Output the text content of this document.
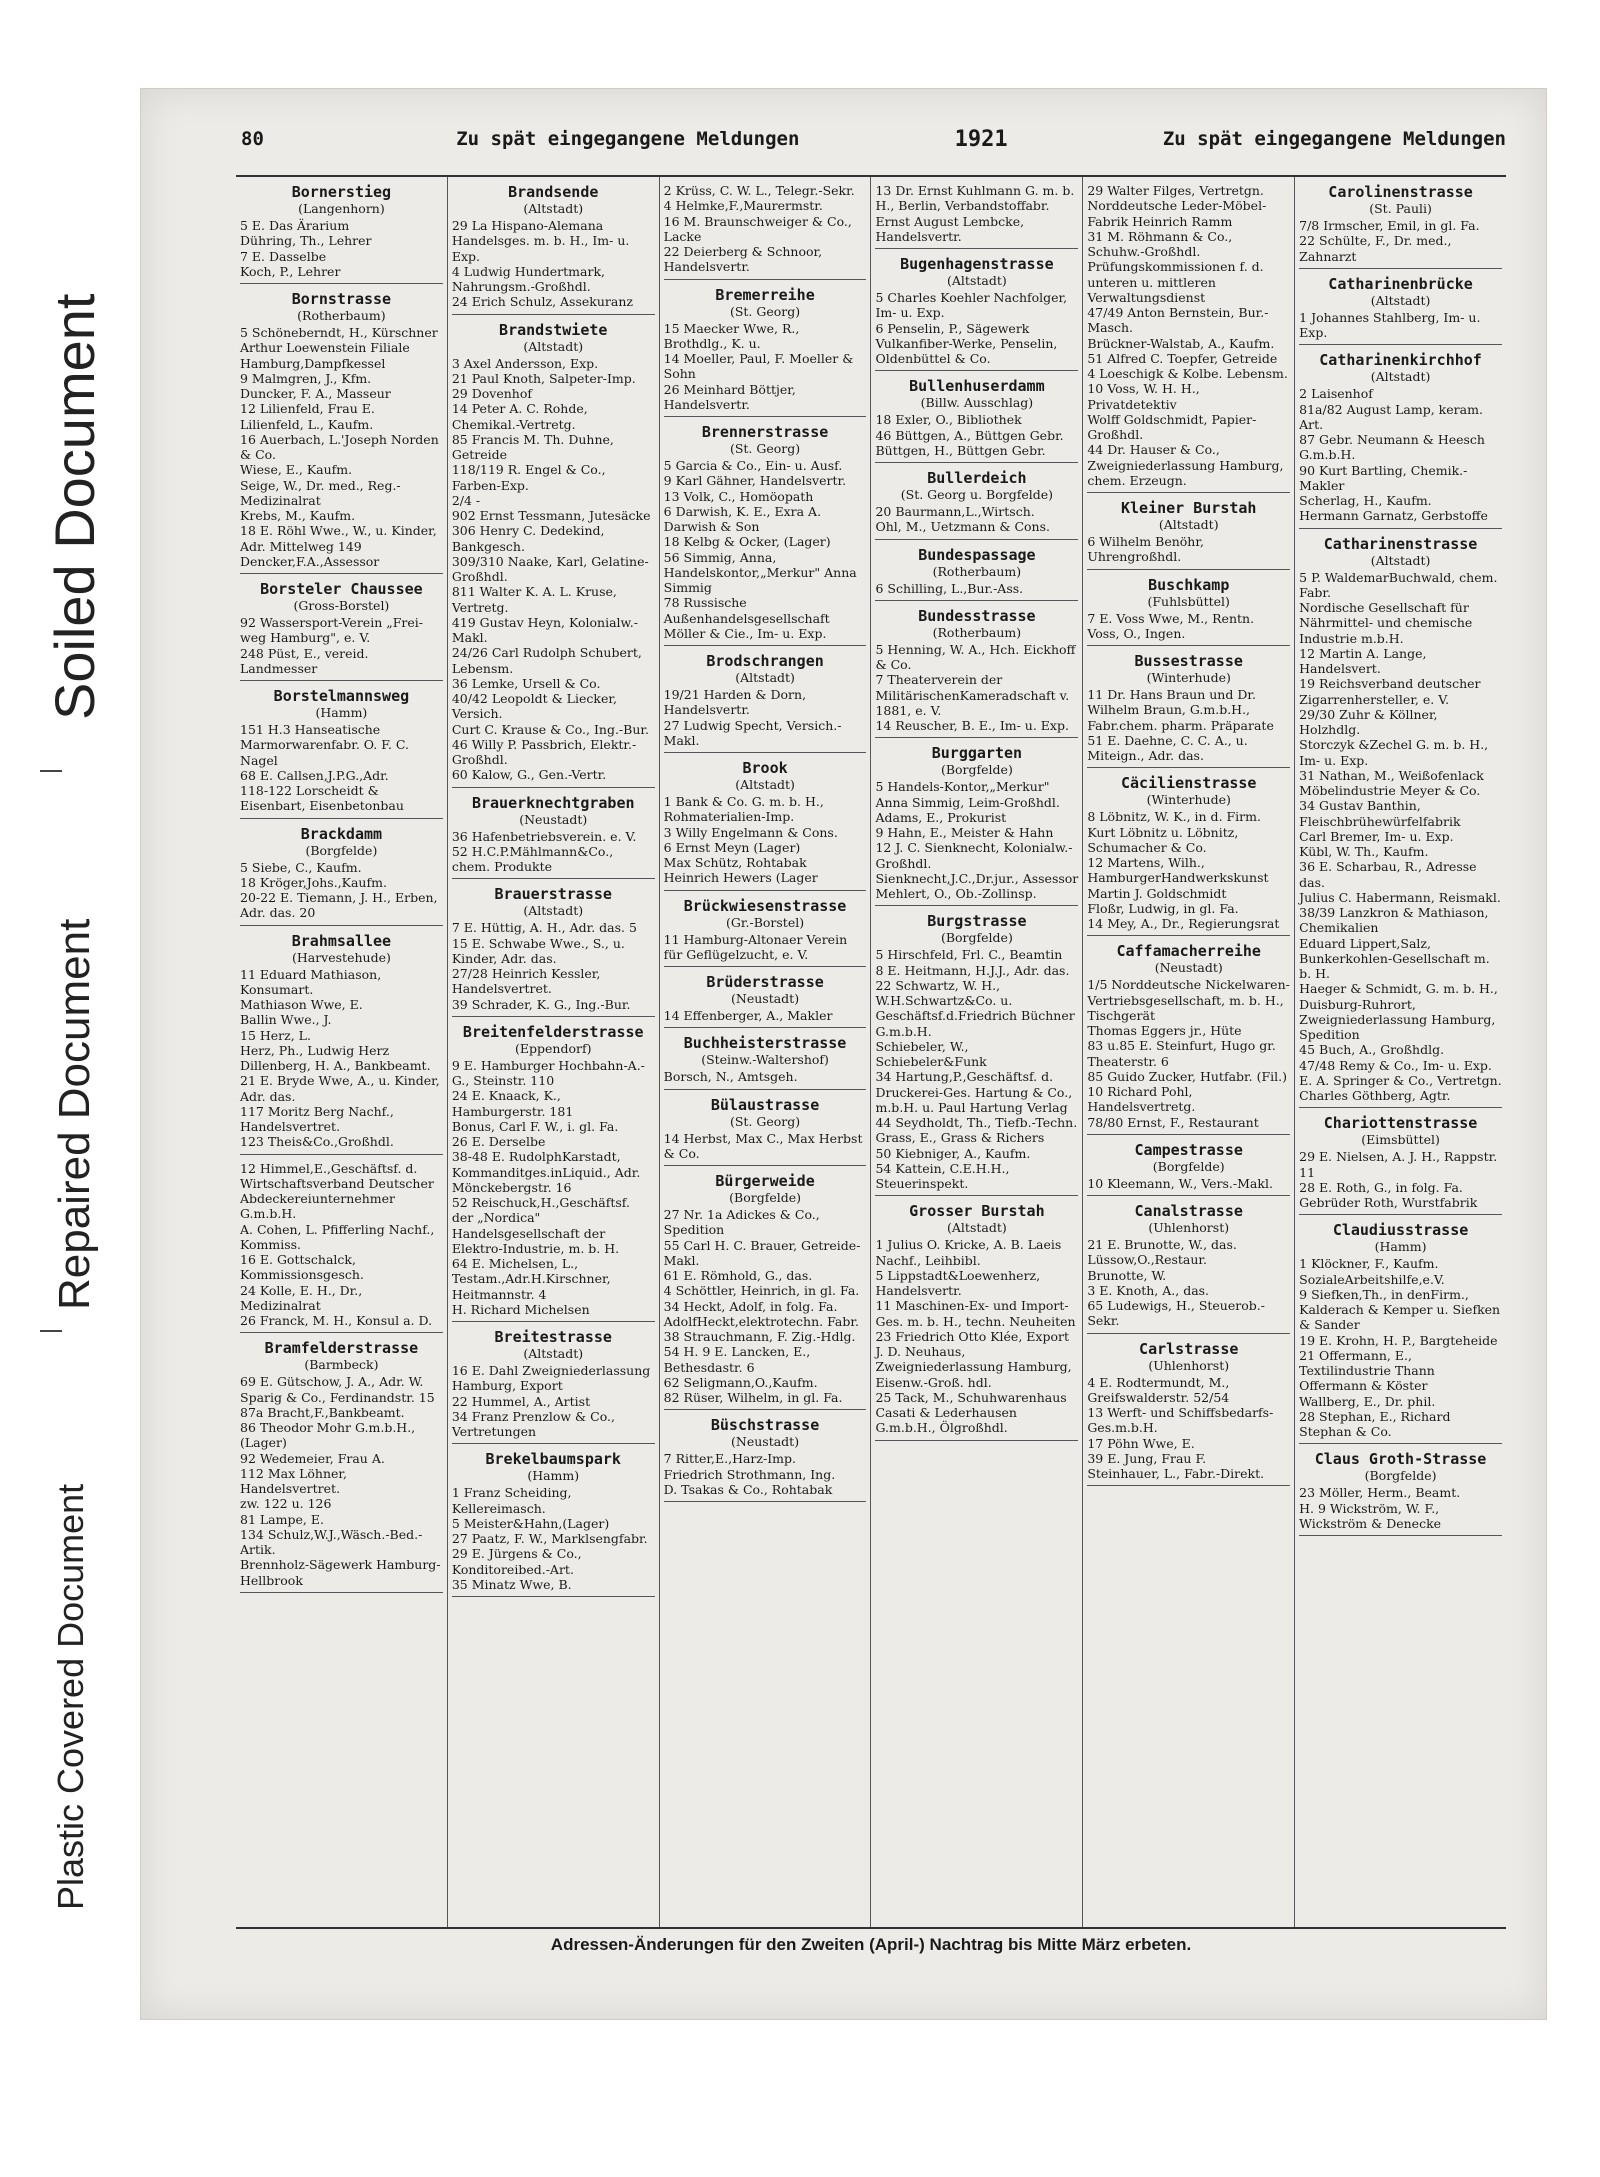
Soiled Document
Repaired Document
Plastic Covered Document
80	Zu spät eingegangene Meldungen	1921	Zu spät eingegangene Meldungen
Bornerstieg
(Langenhorn)
5 E. Das Ärarium
Dühring, Th., Lehrer
7 E. Dasselbe
Koch, P., Lehrer
Bornstrasse
(Rotherbaum)
5 Schöneberndt, H., Kürschner
Arthur Loewenstein Filiale Hamburg,Dampfkessel
9 Malmgren, J., Kfm.
Duncker, F. A., Masseur
12 Lilienfeld, Frau E.
Lilienfeld, L., Kaufm.
16 Auerbach, L.'Joseph Norden & Co.
Wiese, E., Kaufm.
Seige, W., Dr. med., Reg.-Medizinalrat
Krebs, M., Kaufm.
18 E. Röhl Wwe., W., u. Kinder, Adr. Mittelweg 149
Dencker,F.A.,Assessor
Borsteler Chaussee
(Gross-Borstel)
92 Wassersport-Verein „Frei-weg Hamburg", e. V.
248 Püst, E., vereid. Landmesser
Borstelmannsweg
(Hamm)
151 H.3 Hanseatische Marmorwarenfabr. O. F. C. Nagel
68 E. Callsen,J.P.G.,Adr.
118-122 Lorscheidt & Eisenbart, Eisenbetonbau
Brackdamm
(Borgfelde)
5 Siebe, C., Kaufm.
18 Kröger,Johs.,Kaufm.
20-22 E. Tiemann, J. H., Erben, Adr. das. 20
Brahmsallee
(Harvestehude)
11 Eduard Mathiason, Konsumart.
Mathiason Wwe, E.
Ballin Wwe., J.
15 Herz, L.
Herz, Ph., Ludwig Herz
Dillenberg, H. A., Bankbeamt.
21 E. Bryde Wwe, A., u. Kinder, Adr. das.
117 Moritz Berg Nachf., Handelsvertret.
123 Theis&Co.,Großhdl.
12 Himmel,E.,Geschäftsf. d. Wirtschaftsverband Deutscher Abdeckereiunternehmer G.m.b.H.
A. Cohen, L. Pfifferling Nachf., Kommiss.
16 E. Gottschalck, Kommissionsgesch.
24 Kolle, E. H., Dr., Medizinalrat
26 Franck, M. H., Konsul a. D.
Bramfelderstrasse
(Barmbeck)
69 E. Gütschow, J. A., Adr. W. Sparig & Co., Ferdinandstr. 15
87a Bracht,F.,Bankbeamt.
86 Theodor Mohr G.m.b.H., (Lager)
92 Wedemeier, Frau A.
112 Max Löhner, Handelsvertret.
zw. 122 u. 126
81 Lampe, E.
134 Schulz,W.J.,Wäsch.-Bed.-Artik.
Brennholz-Sägewerk Hamburg-Hellbrook
Brandsende
(Altstadt)
29 La Hispano-Alemana Handelsges. m. b. H., Im- u. Exp.
4 Ludwig Hundertmark, Nahrungsm.-Großhdl.
24 Erich Schulz, Assekuranz
Brandstwiete
(Altstadt)
3 Axel Andersson, Exp.
21 Paul Knoth, Salpeter-Imp.
29 Dovenhof
14 Peter A. C. Rohde, Chemikal.-Vertretg.
85 Francis M. Th. Duhne, Getreide
118/119 R. Engel & Co., Farben-Exp.
2/4 -
902 Ernst Tessmann, Jutesäcke
306 Henry C. Dedekind, Bankgesch.
309/310 Naake, Karl, Gelatine-Großhdl.
811 Walter K. A. L. Kruse, Vertretg.
419 Gustav Heyn, Kolonialw.-Makl.
24/26 Carl Rudolph Schubert, Lebensm.
36 Lemke, Ursell & Co.
40/42 Leopoldt & Liecker, Versich.
Curt C. Krause & Co., Ing.-Bur.
46 Willy P. Passbrich, Elektr.-Großhdl.
60 Kalow, G., Gen.-Vertr.
Brauerknechtgraben
(Neustadt)
36 Hafenbetriebsverein. e. V.
52 H.C.P.Mählmann&Co., chem. Produkte
Brauerstrasse
(Altstadt)
7 E. Hüttig, A. H., Adr. das. 5
15 E. Schwabe Wwe., S., u. Kinder, Adr. das.
27/28 Heinrich Kessler, Handelsvertret.
39 Schrader, K. G., Ing.-Bur.
Breitenfelderstrasse
(Eppendorf)
9 E. Hamburger Hochbahn-A.-G., Steinstr. 110
24 E. Knaack, K., Hamburgerstr. 181
Bonus, Carl F. W., i. gl. Fa.
26 E. Derselbe
38-48 E. RudolphKarstadt, Kommanditges.inLiquid., Adr. Mönckebergstr. 16
52 Reischuck,H.,Geschäftsf. der „Nordica" Handelsgesellschaft der Elektro-Industrie, m. b. H.
64 E. Michelsen, L., Testam.,Adr.H.Kirschner, Heitmannstr. 4
H. Richard Michelsen
Breitestrasse
(Altstadt)
16 E. Dahl Zweigniederlassung Hamburg, Export
22 Hummel, A., Artist
34 Franz Prenzlow & Co., Vertretungen
Brekelbaumspark
(Hamm)
1 Franz Scheiding, Kellereimasch.
5 Meister&Hahn,(Lager)
27 Paatz, F. W., Marklsengfabr.
29 E. Jürgens & Co., Konditoreibed.-Art.
35 Minatz Wwe, B.
2 Krüss, C. W. L., Telegr.-Sekr.
4 Helmke,F.,Maurermstr.
16 M. Braunschweiger & Co., Lacke
22 Deierberg & Schnoor, Handelsvertr.
Bremerreihe
(St. Georg)
15 Maecker Wwe, R., Brothdlg., K. u.
14 Moeller, Paul, F. Moeller & Sohn
26 Meinhard Böttjer, Handelsvertr.
Brennerstrasse
(St. Georg)
5 Garcia & Co., Ein- u. Ausf.
9 Karl Gähner, Handelsvertr.
13 Volk, C., Homöopath
6 Darwish, K. E., Exra A. Darwish & Son
18 Kelbg & Ocker, (Lager)
56 Simmig, Anna, Handelskontor,„Merkur" Anna Simmig
78 Russische Außenhandelsgesellschaft Möller & Cie., Im- u. Exp.
Brodschrangen
(Altstadt)
19/21 Harden & Dorn, Handelsvertr.
27 Ludwig Specht, Versich.-Makl.
Brook
(Altstadt)
1 Bank & Co. G. m. b. H., Rohmaterialien-Imp.
3 Willy Engelmann & Cons.
6 Ernst Meyn (Lager)
Max Schütz, Rohtabak
Heinrich Hewers (Lager
Brückwiesenstrasse
(Gr.-Borstel)
11 Hamburg-Altonaer Verein für Geflügelzucht, e. V.
Brüderstrasse
(Neustadt)
14 Effenberger, A., Makler
Buchheisterstrasse
(Steinw.-Waltershof)
Borsch, N., Amtsgeh.
Bülaustrasse
(St. Georg)
14 Herbst, Max C., Max Herbst & Co.
Bürgerweide
(Borgfelde)
27 Nr. 1a Adickes & Co., Spedition
55 Carl H. C. Brauer, Getreide-Makl.
61 E. Römhold, G., das.
4 Schöttler, Heinrich, in gl. Fa.
34 Heckt, Adolf, in folg. Fa.
AdolfHeckt,elektrotechn. Fabr.
38 Strauchmann, F. Zig.-Hdlg.
54 H. 9 E. Lancken, E., Bethesdastr. 6
62 Seligmann,O.,Kaufm.
82 Rüser, Wilhelm, in gl. Fa.
Büschstrasse
(Neustadt)
7 Ritter,E.,Harz-Imp.
Friedrich Strothmann, Ing.
D. Tsakas & Co., Rohtabak
13 Dr. Ernst Kuhlmann G. m. b. H., Berlin, Verbandstoffabr.
Ernst August Lembcke, Handelsvertr.
Bugenhagenstrasse
(Altstadt)
5 Charles Koehler Nachfolger, Im- u. Exp.
6 Penselin, P., Sägewerk
Vulkanfiber-Werke, Penselin, Oldenbüttel & Co.
Bullenhuserdamm
(Billw. Ausschlag)
18 Exler, O., Bibliothek
46 Büttgen, A., Büttgen Gebr.
Büttgen, H., Büttgen Gebr.
Bullerdeich
(St. Georg u. Borgfelde)
20 Baurmann,L.,Wirtsch.
Ohl, M., Uetzmann & Cons.
Bundespassage
(Rotherbaum)
6 Schilling, L.,Bur.-Ass.
Bundesstrasse
(Rotherbaum)
5 Henning, W. A., Hch. Eickhoff & Co.
7 Theaterverein der MilitärischenKameradschaft v. 1881, e. V.
14 Reuscher, B. E., Im- u. Exp.
Burggarten
(Borgfelde)
5 Handels-Kontor,„Merkur" Anna Simmig, Leim-Großhdl.
Adams, E., Prokurist
9 Hahn, E., Meister & Hahn
12 J. C. Sienknecht, Kolonialw.-Großhdl.
Sienknecht,J.C.,Dr.jur., Assessor
Mehlert, O., Ob.-Zollinsp.
Burgstrasse
(Borgfelde)
5 Hirschfeld, Frl. C., Beamtin
8 E. Heitmann, H.J.J., Adr. das.
22 Schwartz, W. H., W.H.Schwartz&Co. u. Geschäftsf.d.Friedrich Büchner G.m.b.H.
Schiebeler, W., Schiebeler&Funk
34 Hartung,P.,Geschäftsf. d. Druckerei-Ges. Hartung & Co., m.b.H. u. Paul Hartung Verlag
44 Seydholdt, Th., Tiefb.-Techn.
Grass, E., Grass & Richers
50 Kiebniger, A., Kaufm.
54 Kattein, C.E.H.H., Steuerinspekt.
Grosser Burstah
(Altstadt)
1 Julius O. Kricke, A. B. Laeis Nachf., Leihbibl.
5 Lippstadt&Loewenherz, Handelsvertr.
11 Maschinen-Ex- und Import-Ges. m. b. H., techn. Neuheiten
23 Friedrich Otto Klée, Export
J. D. Neuhaus, Zweigniederlassung Hamburg, Eisenw.-Groß. hdl.
25 Tack, M., Schuhwarenhaus
Casati & Lederhausen G.m.b.H., Ölgroßhdl.
29 Walter Filges, Vertretgn.
Norddeutsche Leder-Möbel-Fabrik Heinrich Ramm
31 M. Röhmann & Co., Schuhw.-Großhdl.
Prüfungskommissionen f. d. unteren u. mittleren Verwaltungsdienst
47/49 Anton Bernstein, Bur.-Masch.
Brückner-Walstab, A., Kaufm.
51 Alfred C. Toepfer, Getreide
4 Loeschigk & Kolbe. Lebensm.
10 Voss, W. H. H., Privatdetektiv
Wolff Goldschmidt, Papier-Großhdl.
44 Dr. Hauser & Co., Zweigniederlassung Hamburg, chem. Erzeugn.
Kleiner Burstah
(Altstadt)
6 Wilhelm Benöhr, Uhrengroßhdl.
Buschkamp
(Fuhlsbüttel)
7 E. Voss Wwe, M., Rentn.
Voss, O., Ingen.
Bussestrasse
(Winterhude)
11 Dr. Hans Braun und Dr. Wilhelm Braun, G.m.b.H., Fabr.chem. pharm. Präparate
51 E. Daehne, C. C. A., u. Miteign., Adr. das.
Cäcilienstrasse
(Winterhude)
8 Löbnitz, W. K., in d. Firm. Kurt Löbnitz u. Löbnitz, Schumacher & Co.
12 Martens, Wilh., HamburgerHandwerkskunst Martin J. Goldschmidt
Floßr, Ludwig, in gl. Fa.
14 Mey, A., Dr., Regierungsrat
Caffamacherreihe
(Neustadt)
1/5 Norddeutsche Nickelwaren-Vertriebsgesellschaft, m. b. H., Tischgerät
Thomas Eggers jr., Hüte
83 u.85 E. Steinfurt, Hugo gr. Theaterstr. 6
85 Guido Zucker, Hutfabr. (Fil.)
10 Richard Pohl, Handelsvertretg.
78/80 Ernst, F., Restaurant
Campestrasse
(Borgfelde)
10 Kleemann, W., Vers.-Makl.
Canalstrasse
(Uhlenhorst)
21 E. Brunotte, W., das.
Lüssow,O.,Restaur.
Brunotte, W.
3 E. Knoth, A., das.
65 Ludewigs, H., Steuerob.-Sekr.
Carlstrasse
(Uhlenhorst)
4 E. Rodtermundt, M., Greifswalderstr. 52/54
13 Werft- und Schiffsbedarfs-Ges.m.b.H.
17 Pöhn Wwe, E.
39 E. Jung, Frau F.
Steinhauer, L., Fabr.-Direkt.
Carolinenstrasse
(St. Pauli)
7/8 Irmscher, Emil, in gl. Fa.
22 Schülte, F., Dr. med., Zahnarzt
Catharinenbrücke
(Altstadt)
1 Johannes Stahlberg, Im- u. Exp.
Catharinenkirchhof
(Altstadt)
2 Laisenhof
81a/82 August Lamp, keram. Art.
87 Gebr. Neumann & Heesch G.m.b.H.
90 Kurt Bartling, Chemik.-Makler
Scherlag, H., Kaufm.
Hermann Garnatz, Gerbstoffe
Catharinenstrasse
(Altstadt)
5 P. WaldemarBuchwald, chem. Fabr.
Nordische Gesellschaft für Nährmittel- und chemische Industrie m.b.H.
12 Martin A. Lange, Handelsvert.
19 Reichsverband deutscher Zigarrenhersteller, e. V.
29/30 Zuhr & Köllner, Holzhdlg.
Storczyk &Zechel G. m. b. H., Im- u. Exp.
31 Nathan, M., Weißofenlack Möbelindustrie Meyer & Co.
34 Gustav Banthin, Fleischbrühewürfelfabrik
Carl Bremer, Im- u. Exp.
Kübl, W. Th., Kaufm.
36 E. Scharbau, R., Adresse das.
Julius C. Habermann, Reismakl.
38/39 Lanzkron & Mathiason, Chemikalien
Eduard Lippert,Salz, Bunkerkohlen-Gesellschaft m. b. H.
Haeger & Schmidt, G. m. b. H., Duisburg-Ruhrort, Zweigniederlassung Hamburg, Spedition
45 Buch, A., Großhdlg.
47/48 Remy & Co., Im- u. Exp.
E. A. Springer & Co., Vertretgn.
Charles Göthberg, Agtr.
Chariottenstrasse
(Eimsbüttel)
29 E. Nielsen, A. J. H., Rappstr. 11
28 E. Roth, G., in folg. Fa.
Gebrüder Roth, Wurstfabrik
Claudiusstrasse
(Hamm)
1 Klöckner, F., Kaufm.
SozialeArbeitshilfe,e.V.
9 Siefken,Th., in denFirm., Kalderach & Kemper u. Siefken & Sander
19 E. Krohn, H. P., Bargteheide
21 Offermann, E., Textilindustrie Thann Offermann & Köster
Wallberg, E., Dr. phil.
28 Stephan, E., Richard Stephan & Co.
Claus Groth-Strasse
(Borgfelde)
23 Möller, Herm., Beamt.
H. 9 Wickström, W. F., Wickström & Denecke
Adressen-Änderungen für den Zweiten (April-) Nachtrag bis Mitte März erbeten.
